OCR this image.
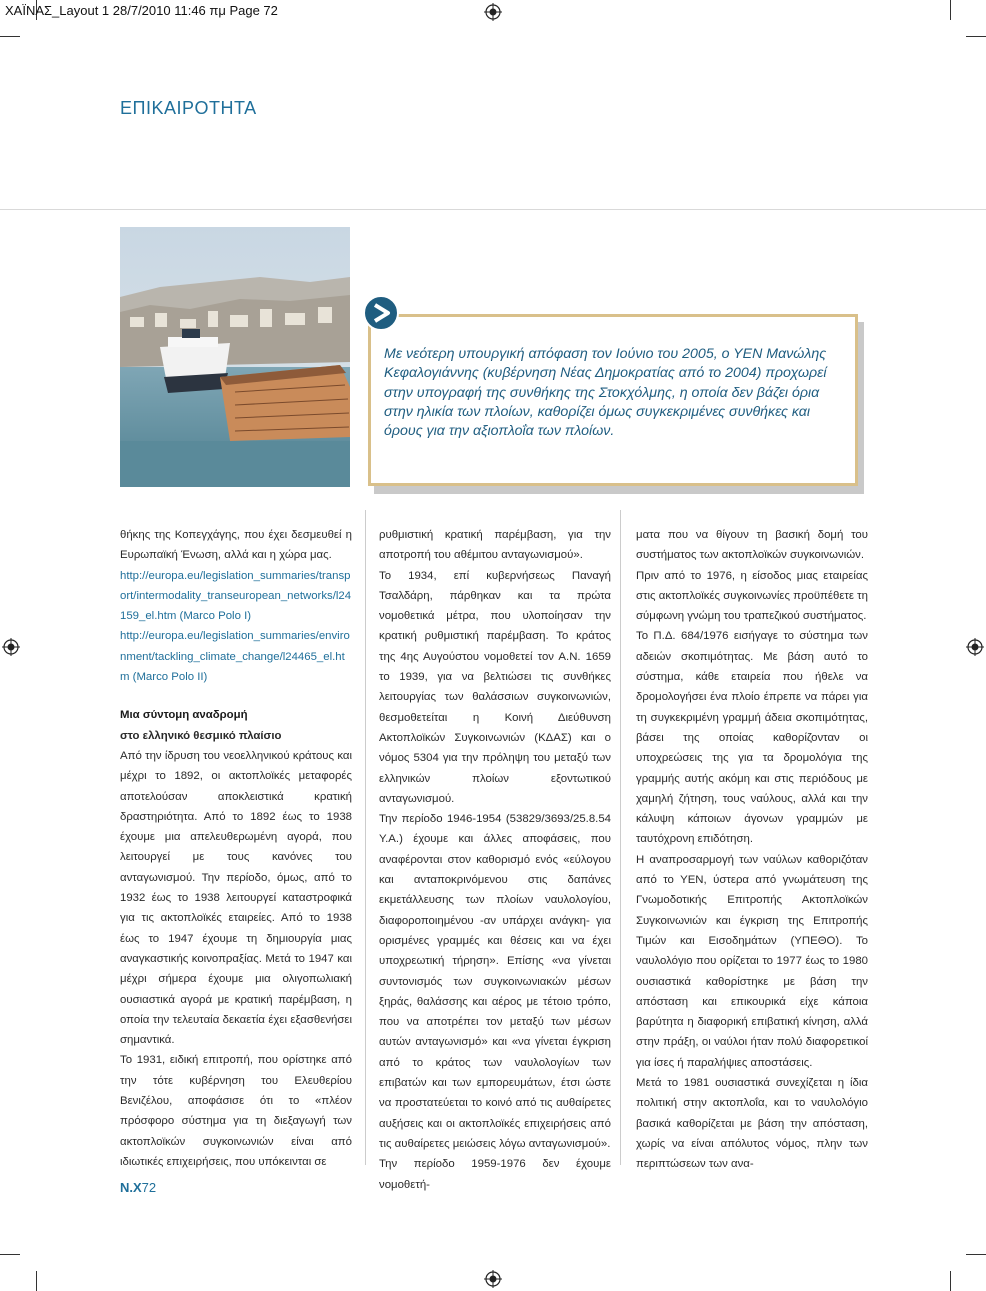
ΧΑΪΝΑΣ_Layout 1 28/7/2010 11:46 πμ Page 72
ΕΠΙΚΑΙΡΟΤΗΤΑ

Με νεότερη υπουργική απόφαση τον Ιούνιο του 2005, ο ΥΕΝ Μανώλης Κεφαλογιάννης (κυβέρνηση Νέας Δημοκρατίας από το 2004) προχωρεί στην υπογραφή της συνθήκης της Στοκχόλμης, η οποία δεν βάζει όρια στην ηλικία των πλοίων, καθορίζει όμως συγκεκριμένες συνθήκες και όρους για την αξιοπλοΐα των πλοίων.

θήκης της Κοπεγχάγης, που έχει δεσμευθεί η Ευρωπαϊκή Ένωση, αλλά και η χώρα μας.

http://europa.eu/legislation_summaries/transport/intermodality_transeuropean_networks/l24159_el.htm (Marco Polo I)

http://europa.eu/legislation_summaries/environment/tackling_climate_change/l24465_el.htm (Marco Polo II)

Μια σύντομη αναδρομή

στο ελληνικό θεσμικό πλαίσιο

Από την ίδρυση του νεοελληνικού κράτους και μέχρι το 1892, οι ακτοπλοϊκές μεταφορές αποτελούσαν αποκλειστικά κρατική δραστηριότητα. Από το 1892 έως το 1938 έχουμε μια απελευθερωμένη αγορά, που λειτουργεί με τους κανόνες του ανταγωνισμού. Την περίοδο, όμως, από το 1932 έως το 1938 λειτουργεί καταστροφικά για τις ακτοπλοϊκές εταιρείες. Από το 1938 έως το 1947 έχουμε τη δημιουργία μιας αναγκαστικής κοινοπραξίας. Μετά το 1947 και μέχρι σήμερα έχουμε μια ολιγοπωλιακή ουσιαστικά αγορά με κρατική παρέμβαση, η οποία την τελευταία δεκαετία έχει εξασθενήσει σημαντικά.

Το 1931, ειδική επιτροπή, που ορίστηκε από την τότε κυβέρνηση του Ελευθερίου Βενιζέλου, αποφάσισε ότι το «πλέον πρόσφορο σύστημα για τη διεξαγωγή των ακτοπλοϊκών συγκοινωνιών είναι από ιδιωτικές επιχειρήσεις, που υπόκεινται σε

ρυθμιστική κρατική παρέμβαση, για την αποτροπή του αθέμιτου ανταγωνισμού».

Το 1934, επί κυβερνήσεως Παναγή Τσαλδάρη, πάρθηκαν και τα πρώτα νομοθετικά μέτρα, που υλοποίησαν την κρατική ρυθμιστική παρέμβαση. Το κράτος της 4ης Αυγούστου νομοθετεί τον Α.Ν. 1659 το 1939, για να βελτιώσει τις συνθήκες λειτουργίας των θαλάσσιων συγκοινωνιών, θεσμοθετείται η Κοινή Διεύθυνση Ακτοπλοϊκών Συγκοινωνιών (ΚΔΑΣ) και ο νόμος 5304 για την πρόληψη του μεταξύ των ελληνικών πλοίων εξοντωτικού ανταγωνισμού.

Την περίοδο 1946-1954 (53829/3693/25.8.54 Υ.Α.) έχουμε και άλλες αποφάσεις, που αναφέρονται στον καθορισμό ενός «εύλογου και ανταποκρινόμενου στις δαπάνες εκμετάλλευσης των πλοίων ναυλολογίου, διαφοροποιημένου -αν υπάρχει ανάγκη- για ορισμένες γραμμές και θέσεις και να έχει υποχρεωτική τήρηση». Επίσης «να γίνεται συντονισμός των συγκοινωνιακών μέσων ξηράς, θαλάσσης και αέρος με τέτοιο τρόπο, που να αποτρέπει τον μεταξύ των μέσων αυτών ανταγωνισμό» και «να γίνεται έγκριση από το κράτος των ναυλολογίων των επιβατών και των εμπορευμάτων, έτσι ώστε να προστατεύεται το κοινό από τις αυθαίρετες αυξήσεις και οι ακτοπλοϊκές επιχειρήσεις από τις αυθαίρετες μειώσεις λόγω ανταγωνισμού».

Την περίοδο 1959-1976 δεν έχουμε νομοθετή-

ματα που να θίγουν τη βασική δομή του συστήματος των ακτοπλοϊκών συγκοινωνιών.

Πριν από το 1976, η είσοδος μιας εταιρείας στις ακτοπλοϊκές συγκοινωνίες προϋπέθετε τη σύμφωνη γνώμη του τραπεζικού συστήματος.

Το Π.Δ. 684/1976 εισήγαγε το σύστημα των αδειών σκοπιμότητας. Με βάση αυτό το σύστημα, κάθε εταιρεία που ήθελε να δρομολογήσει ένα πλοίο έπρεπε να πάρει για τη συγκεκριμένη γραμμή άδεια σκοπιμότητας, βάσει της οποίας καθορίζονταν οι υποχρεώσεις της για τα δρομολόγια της γραμμής αυτής ακόμη και στις περιόδους με χαμηλή ζήτηση, τους ναύλους, αλλά και την κάλυψη κάποιων άγονων γραμμών με ταυτόχρονη επιδότηση.

Η αναπροσαρμογή των ναύλων καθοριζόταν από το ΥΕΝ, ύστερα από γνωμάτευση της Γνωμοδοτικής Επιτροπής Ακτοπλοϊκών Συγκοινωνιών και έγκριση της Επιτροπής Τιμών και Εισοδημάτων (ΥΠΕΘΟ). Το ναυλολόγιο που ορίζεται το 1977 έως το 1980 ουσιαστικά καθορίστηκε με βάση την απόσταση και επικουρικά είχε κάποια βαρύτητα η διαφορική επιβατική κίνηση, αλλά στην πράξη, οι ναύλοι ήταν πολύ διαφορετικοί για ίσες ή παραλήψιες αποστάσεις.

Μετά το 1981 ουσιαστικά συνεχίζεται η ίδια πολιτική στην ακτοπλοΐα, και το ναυλολόγιο βασικά καθορίζεται με βάση την απόσταση, χωρίς να είναι απόλυτος νόμος, πλην των περιπτώσεων των ανα-

Ν.Χ72
